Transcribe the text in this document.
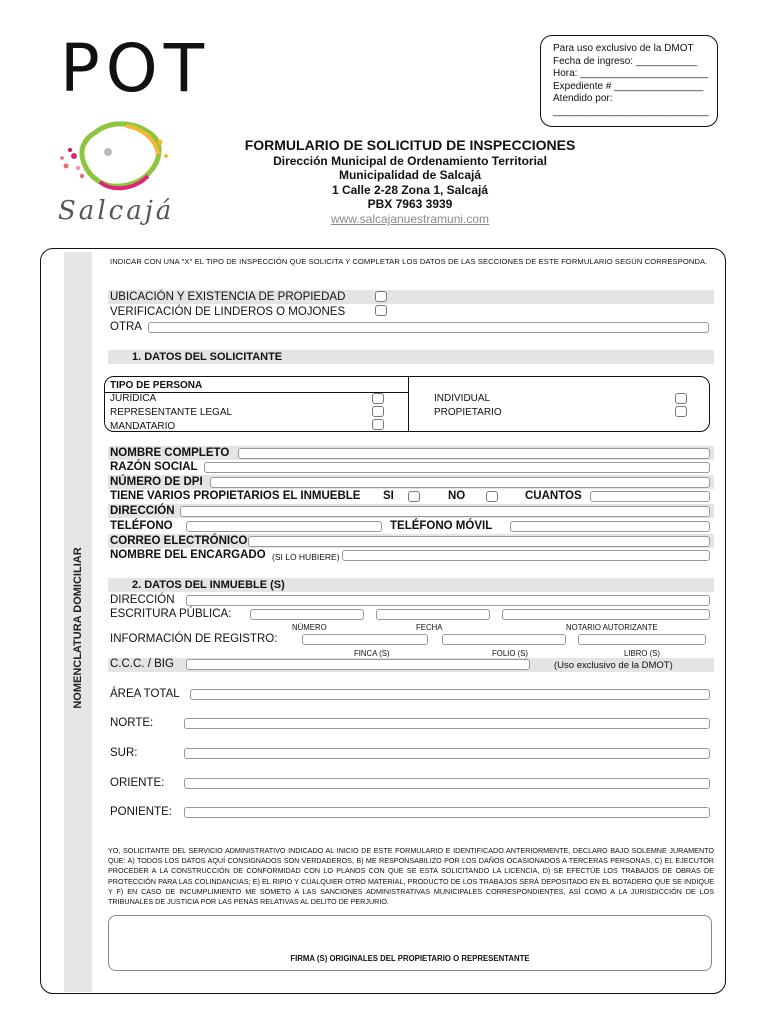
POT
Salcajá
Para uso exclusivo de la DMOT
Fecha de ingreso: ___________
Hora: _______________________
Expediente # ________________
Atendido por:
____________________________
FORMULARIO DE SOLICITUD DE INSPECCIONES
Dirección Municipal de Ordenamiento Territorial
Municipalidad de Salcajá
1 Calle 2-28 Zona 1, Salcajá
PBX 7963 3939
www.salcajanuestramuni.com
NOMENCLATURA DOMICILIAR
INDICAR CON UNA "X" EL TIPO DE INSPECCIÓN QUE SOLICITA Y COMPLETAR LOS DATOS DE LAS SECCIONES DE ESTE FORMULARIO SEGÚN CORRESPONDA.
UBICACIÓN Y EXISTENCIA DE PROPIEDAD
VERIFICACIÓN DE LINDEROS O MOJONES
OTRA
1. DATOS DEL SOLICITANTE
TIPO DE PERSONA
JURÍDICA
REPRESENTANTE LEGAL
MANDATARIO
INDIVIDUAL
PROPIETARIO
NOMBRE COMPLETO
RAZÓN SOCIAL
NÚMERO DE DPI
TIENE VARIOS PROPIETARIOS EL INMUEBLE SI	NO	CUANTOS
DIRECCIÓN
TELÉFONO	TELÉFONO MÓVIL
CORREO ELECTRÓNICO
NOMBRE DEL ENCARGADO (SI LO HUBIERE)
2. DATOS DEL INMUEBLE (S)
DIRECCIÓN
ESCRITURA PÚBLICA:
NÚMERO	FECHA	NOTARIO AUTORIZANTE
INFORMACIÓN DE REGISTRO:
FINCA (S)	FOLIO (S)	LIBRO (S)
C.C.C. / BIG	(Uso exclusivo de la DMOT)
ÁREA TOTAL
NORTE:
SUR:
ORIENTE:
PONIENTE:
YO, SOLICITANTE DEL SERVICIO ADMINISTRATIVO INDICADO AL INICIO DE ESTE FORMULARIO E IDENTIFICADO ANTERIORMENTE, DECLARO BAJO SOLEMNE JURAMENTO QUE: A) TODOS LOS DATOS AQUÍ CONSIGNADOS SON VERDADEROS, B) ME RESPONSABILIZO POR LOS DAÑOS OCASIONADOS A TERCERAS PERSONAS, C) EL EJECUTOR PROCEDER A LA CONSTRUCCIÓN DE CONFORMIDAD CON LO PLANOS CON QUE SE ESTA SOLICITANDO LA LICENCIA, D) SE EFECTÚE LOS TRABAJOS DE OBRAS DE PROTECCIÓN PARA LAS COLINDANCIAS; E) EL RIPIO Y CUALQUIER OTRO MATERIAL, PRODUCTO DE LOS TRABAJOS SERÁ DEPOSITADO EN EL BOTADERO QUE SE INDIQUE Y F) EN CASO DE INCUMPLIMIENTO ME SOMETO A LAS SANCIONES ADMINISTRATIVAS MUNICIPALES CORRESPONDIENTES, ASÍ COMO A LA JURISDICCIÓN DE LOS TRIBUNALES DE JUSTICIA POR LAS PENAS RELATIVAS AL DELITO DE PERJURIO.
FIRMA (S) ORIGINALES DEL PROPIETARIO O REPRESENTANTE
